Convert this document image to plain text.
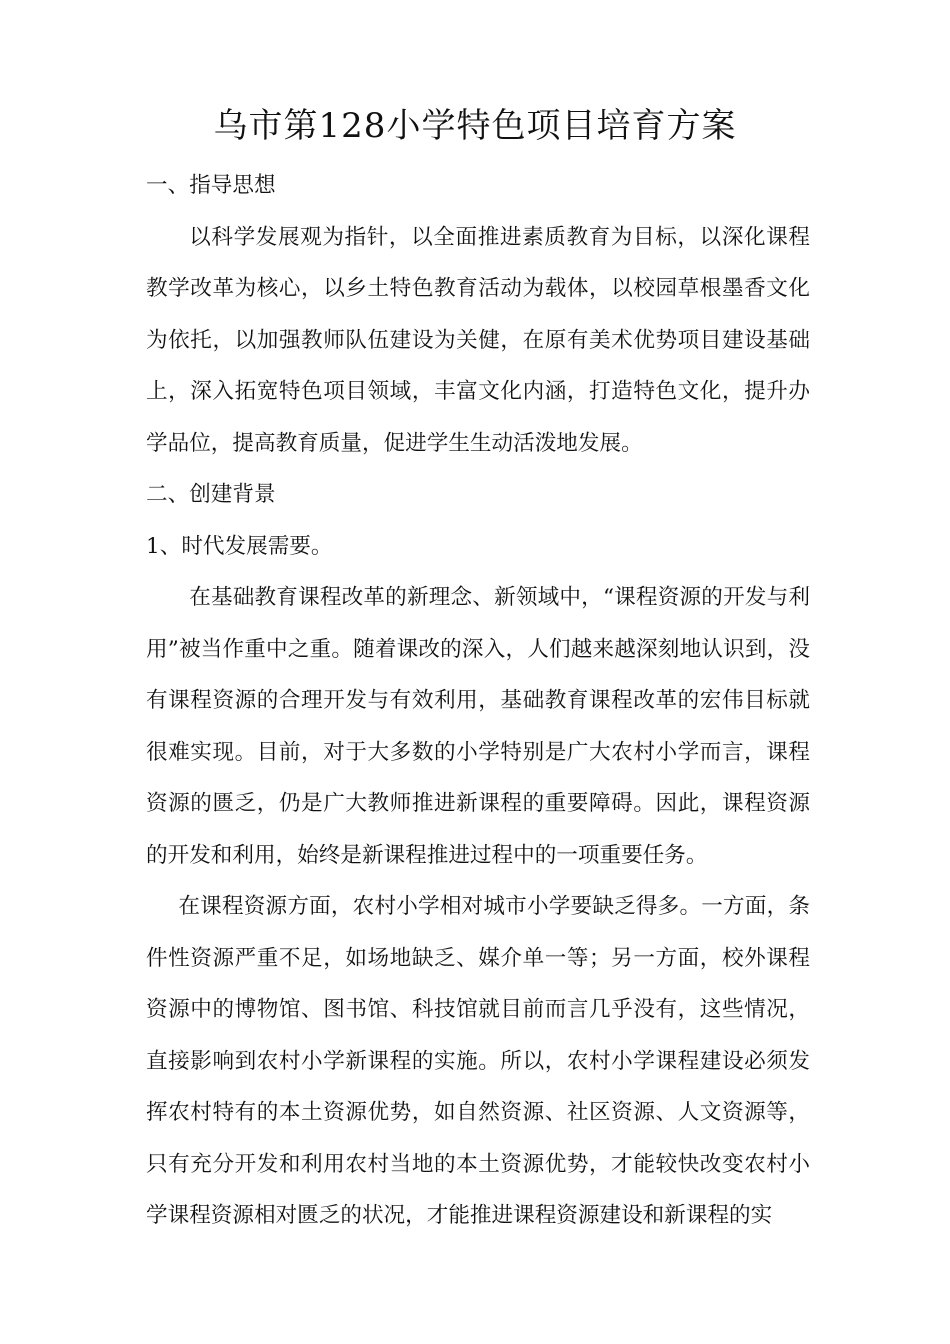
乌市第128小学特色项目培育方案

一、指导思想

以科学发展观为指针，以全面推进素质教育为目标，以深化课程教学改革为核心，以乡土特色教育活动为载体，以校园草根墨香文化为依托，以加强教师队伍建设为关健，在原有美术优势项目建设基础上，深入拓宽特色项目领域，丰富文化内涵，打造特色文化，提升办学品位，提高教育质量，促进学生生动活泼地发展。

二、创建背景

1、时代发展需要。

在基础教育课程改革的新理念、新领域中，“课程资源的开发与利用”被当作重中之重。随着课改的深入，人们越来越深刻地认识到，没有课程资源的合理开发与有效利用，基础教育课程改革的宏伟目标就很难实现。目前，对于大多数的小学特别是广大农村小学而言，课程资源的匮乏，仍是广大教师推进新课程的重要障碍。因此，课程资源的开发和利用，始终是新课程推进过程中的一项重要任务。

在课程资源方面，农村小学相对城市小学要缺乏得多。一方面，条件性资源严重不足，如场地缺乏、媒介单一等；另一方面，校外课程资源中的博物馆、图书馆、科技馆就目前而言几乎没有，这些情况，直接影响到农村小学新课程的实施。所以，农村小学课程建设必须发挥农村特有的本土资源优势，如自然资源、社区资源、人文资源等，只有充分开发和利用农村当地的本土资源优势，才能较快改变农村小学课程资源相对匮乏的状况，才能推进课程资源建设和新课程的实
